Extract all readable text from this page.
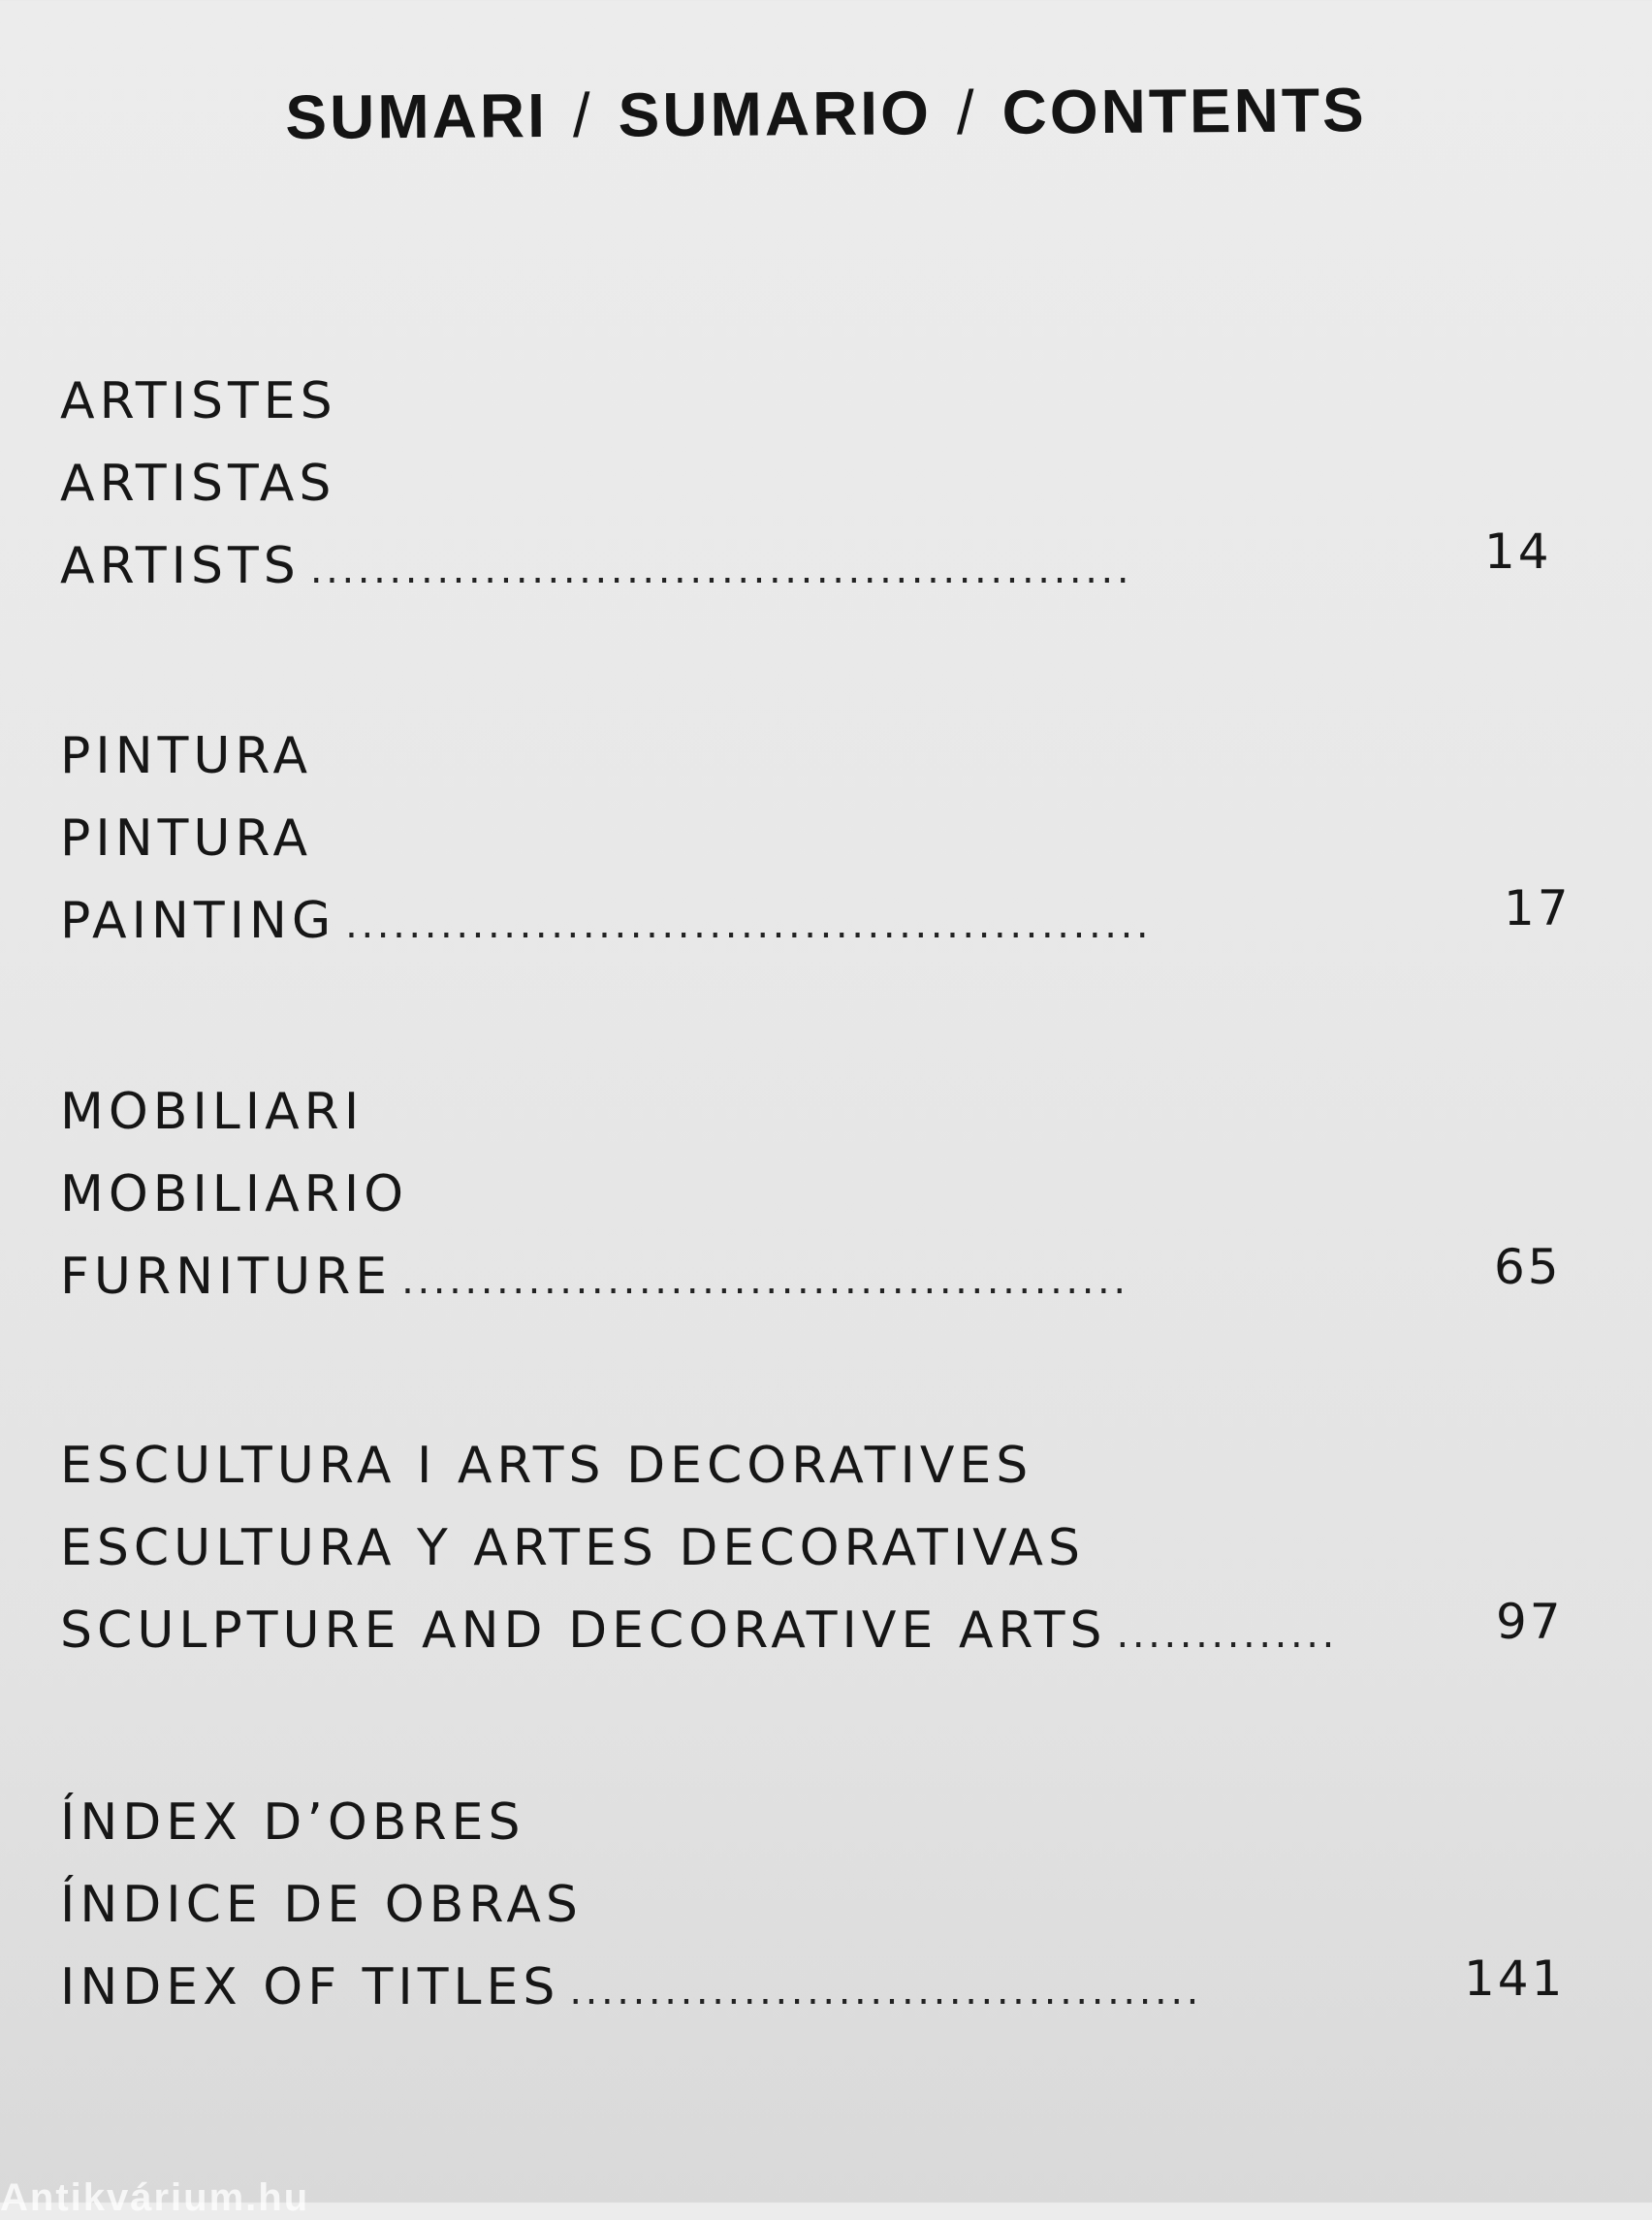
SUMARI / SUMARIO / CONTENTS
ARTISTES
ARTISTAS
ARTISTS ....................................................	14
PINTURA
PINTURA
PAINTING ...................................................	17
MOBILIARI
MOBILIARIO
FURNITURE ..............................................	65
ESCULTURA I ARTS DECORATIVES
ESCULTURA Y ARTES DECORATIVAS
SCULPTURE AND DECORATIVE ARTS ..............	97
ÍNDEX D’OBRES
ÍNDICE DE OBRAS
INDEX OF TITLES ........................................	141
Antikvárium.hu
